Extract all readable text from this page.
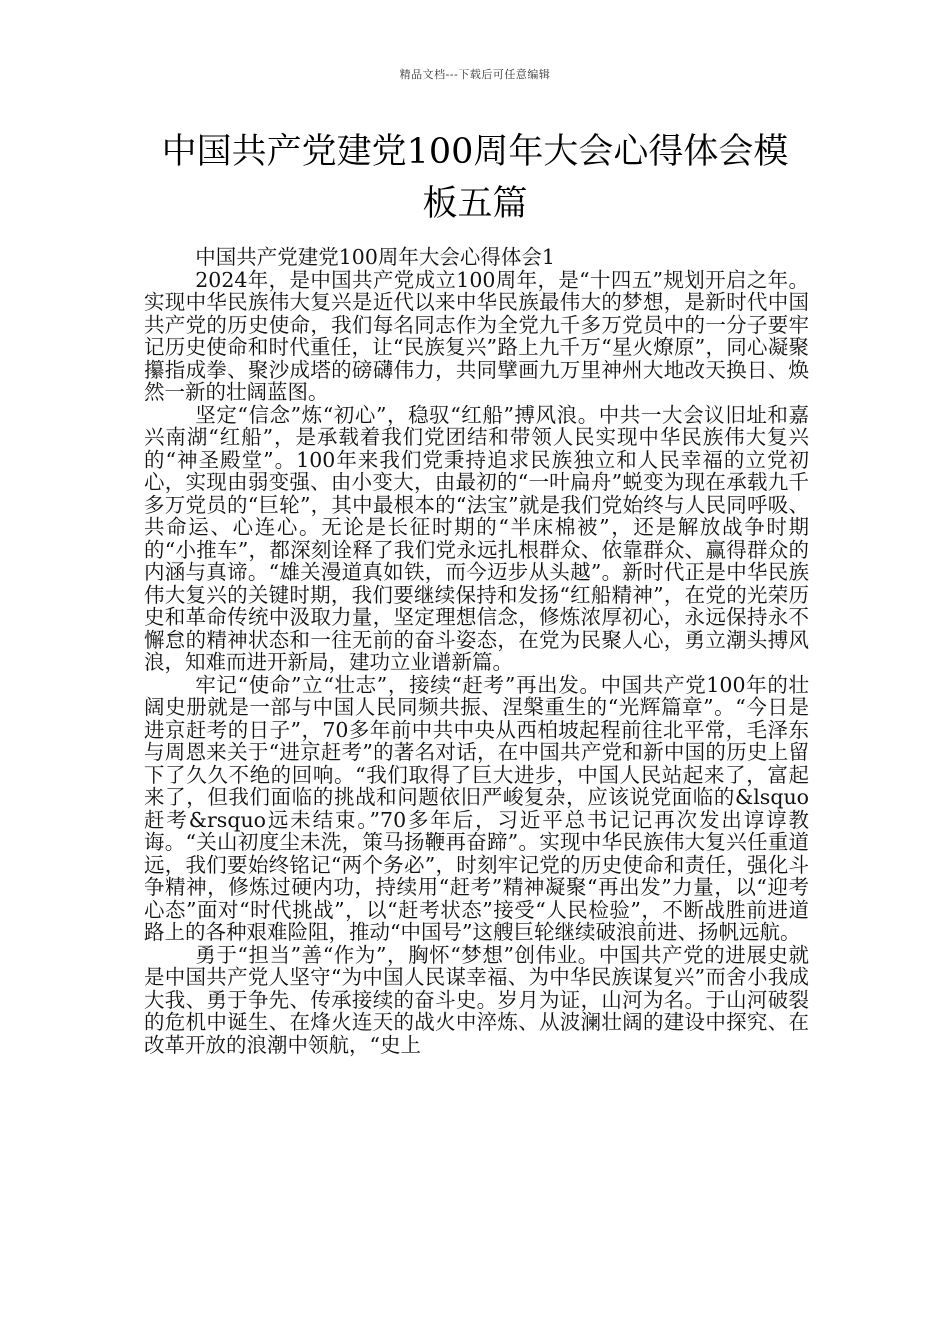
精品文档---下载后可任意编辑
中国共产党建党100周年大会心得体会模板五篇

中国共产党建党100周年大会心得体会1

2024年，是中国共产党成立100周年，是“十四五”规划开启之年。实现中华民族伟大复兴是近代以来中华民族最伟大的梦想，是新时代中国共产党的历史使命，我们每名同志作为全党九千多万党员中的一分子要牢记历史使命和时代重任，让“民族复兴”路上九千万“星火燎原”，同心凝聚攥指成拳、聚沙成塔的磅礴伟力，共同擘画九万里神州大地改天换日、焕然一新的壮阔蓝图。

坚定“信念”炼“初心”，稳驭“红船”搏风浪。中共一大会议旧址和嘉兴南湖“红船”，是承载着我们党团结和带领人民实现中华民族伟大复兴的“神圣殿堂”。100年来我们党秉持追求民族独立和人民幸福的立党初心，实现由弱变强、由小变大，由最初的“一叶扁舟”蜕变为现在承载九千多万党员的“巨轮”，其中最根本的“法宝”就是我们党始终与人民同呼吸、共命运、心连心。无论是长征时期的“半床棉被”，还是解放战争时期的“小推车”，都深刻诠释了我们党永远扎根群众、依靠群众、赢得群众的内涵与真谛。“雄关漫道真如铁，而今迈步从头越”。新时代正是中华民族伟大复兴的关键时期，我们要继续保持和发扬“红船精神”，在党的光荣历史和革命传统中汲取力量，坚定理想信念，修炼浓厚初心，永远保持永不懈怠的精神状态和一往无前的奋斗姿态，在党为民聚人心，勇立潮头搏风浪，知难而进开新局，建功立业谱新篇。

牢记“使命”立“壮志”，接续“赶考”再出发。中国共产党100年的壮阔史册就是一部与中国人民同频共振、涅槃重生的“光辉篇章”。“今日是进京赶考的日子”，70多年前中共中央从西柏坡起程前往北平常，毛泽东与周恩来关于“进京赶考”的著名对话，在中国共产党和新中国的历史上留下了久久不绝的回响。“我们取得了巨大进步，中国人民站起来了，富起来了，但我们面临的挑战和问题依旧严峻复杂，应该说党面临的&lsquo赶考&rsquo远未结束。”70多年后，习近平总书记记再次发出谆谆教诲。“关山初度尘未洗，策马扬鞭再奋蹄”。实现中华民族伟大复兴任重道远，我们要始终铭记“两个务必”，时刻牢记党的历史使命和责任，强化斗争精神，修炼过硬内功，持续用“赶考”精神凝聚“再出发”力量，以“迎考心态”面对“时代挑战”，以“赶考状态”接受“人民检验”，不断战胜前进道路上的各种艰难险阻，推动“中国号”这艘巨轮继续破浪前进、扬帆远航。

勇于“担当”善“作为”，胸怀“梦想”创伟业。中国共产党的进展史就是中国共产党人坚守“为中国人民谋幸福、为中华民族谋复兴”而舍小我成大我、勇于争先、传承接续的奋斗史。岁月为证，山河为名。于山河破裂的危机中诞生、在烽火连天的战火中淬炼、从波澜壮阔的建设中探究、在改革开放的浪潮中领航，“史上
